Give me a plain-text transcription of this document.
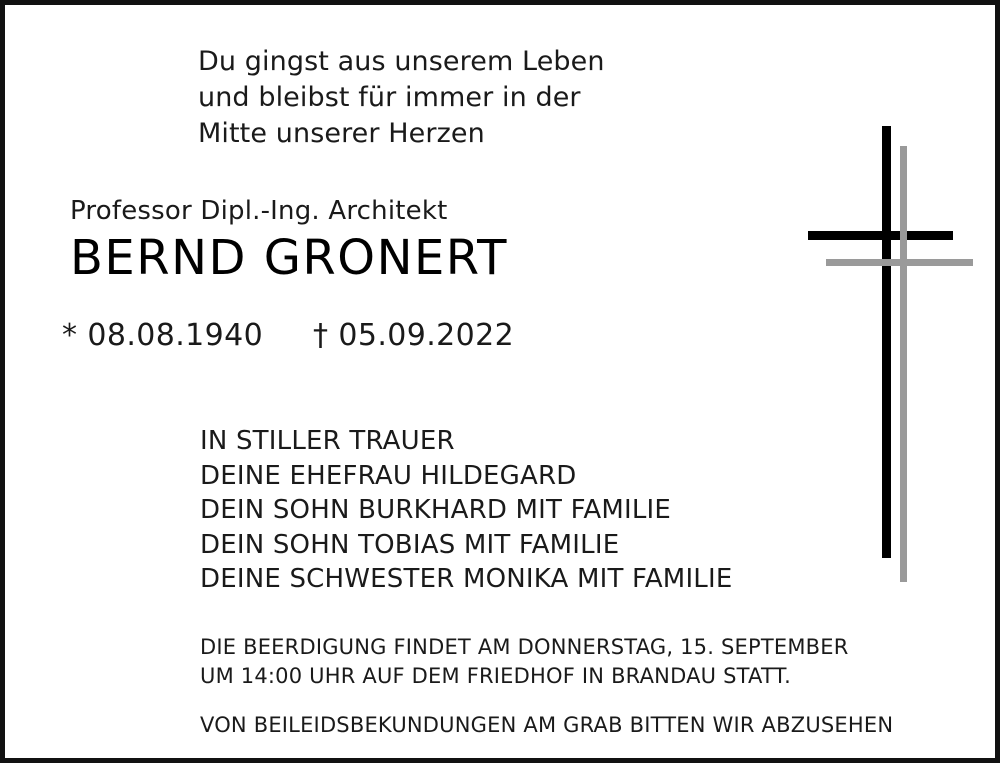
Du gingst aus unserem Leben
und bleibst für immer in der
Mitte unserer Herzen
Professor Dipl.-Ing. Architekt
BERND GRONERT
* 08.08.1940 † 05.09.2022
IN STILLER TRAUER
DEINE EHEFRAU HILDEGARD
DEIN SOHN BURKHARD MIT FAMILIE
DEIN SOHN TOBIAS MIT FAMILIE
DEINE SCHWESTER MONIKA MIT FAMILIE
DIE BEERDIGUNG FINDET AM DONNERSTAG, 15. SEPTEMBER
UM 14:00 UHR AUF DEM FRIEDHOF IN BRANDAU STATT.
VON BEILEIDSBEKUNDUNGEN AM GRAB BITTEN WIR ABZUSEHEN
